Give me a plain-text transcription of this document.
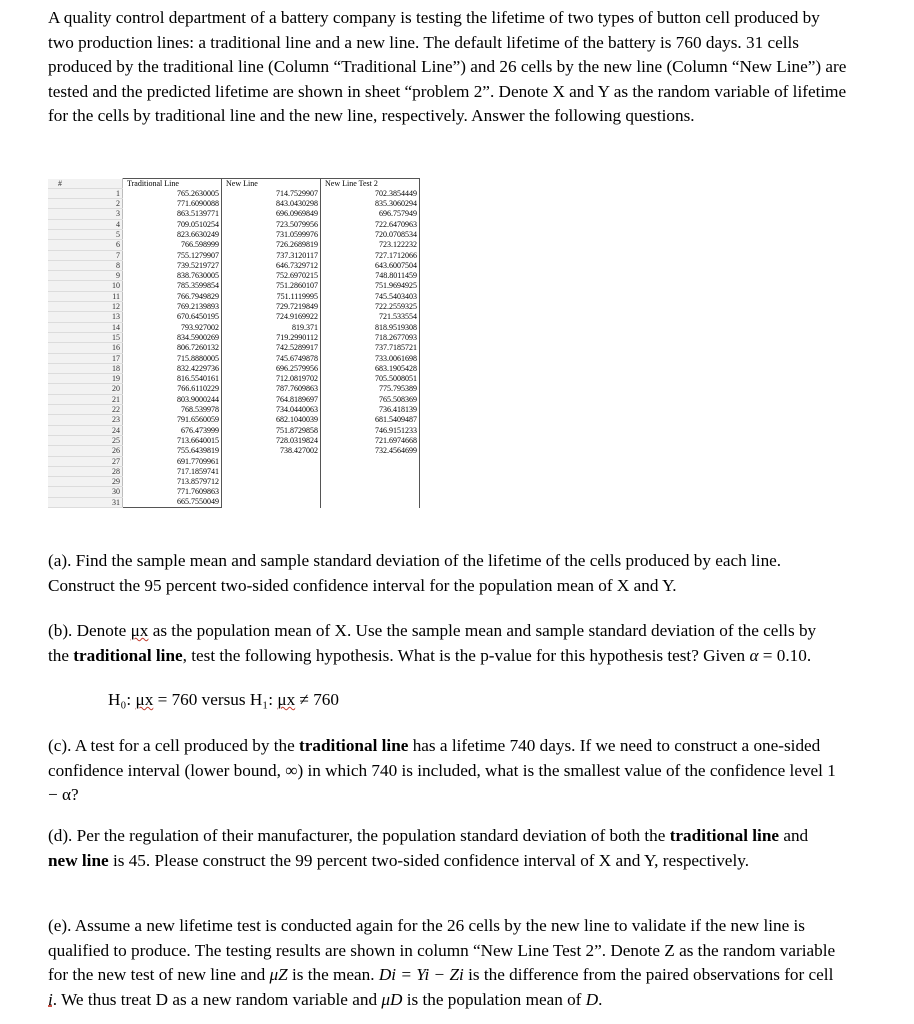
A quality control department of a battery company is testing the lifetime of two types of button cell produced by two production lines: a traditional line and a new line. The default lifetime of the battery is 760 days. 31 cells produced by the traditional line (Column “Traditional Line”) and 26 cells by the new line (Column “New Line”) are tested and the predicted lifetime are shown in sheet “problem 2”. Denote X and Y as the random variable of lifetime for the cells by traditional line and the new line, respectively. Answer the following questions.
#	Traditional Line	New Line	New Line Test 2
1	765.2630005	714.7529907	702.3854449
2	771.6090088	843.0430298	835.3060294
3	863.5139771	696.0969849	696.757949
4	709.0510254	723.5079956	722.6470963
5	823.6630249	731.0599976	720.0708534
6	766.598999	726.2689819	723.122232
7	755.1279907	737.3120117	727.1712066
8	739.5219727	646.7329712	643.6007504
9	838.7630005	752.6970215	748.8011459
10	785.3599854	751.2860107	751.9694925
11	766.7949829	751.1119995	745.5403403
12	769.2139893	729.7219849	722.2559325
13	670.6450195	724.9169922	721.533554
14	793.927002	819.371	818.9519308
15	834.5900269	719.2990112	718.2677093
16	806.7260132	742.5289917	737.7185721
17	715.8880005	745.6749878	733.0061698
18	832.4229736	696.2579956	683.1905428
19	816.5540161	712.0819702	705.5008051
20	766.6110229	787.7609863	775.795389
21	803.9000244	764.8189697	765.508369
22	768.539978	734.0440063	736.418139
23	791.6560059	682.1040039	681.5409487
24	676.473999	751.8729858	746.9151233
25	713.6640015	728.0319824	721.6974668
26	755.6439819	738.427002	732.4564699
27	691.7709961		
28	717.1859741		
29	713.8579712		
30	771.7609863		
31	665.7550049		
(a). Find the sample mean and sample standard deviation of the lifetime of the cells produced by each line. Construct the 95 percent two-sided confidence interval for the population mean of X and Y.
(b). Denote μx as the population mean of X. Use the sample mean and sample standard deviation of the cells by the traditional line, test the following hypothesis. What is the p-value for this hypothesis test? Given α = 0.10.
H₀: μx = 760 versus H₁: μx ≠ 760
(c). A test for a cell produced by the traditional line has a lifetime 740 days. If we need to construct a one-sided confidence interval (lower bound, ∞) in which 740 is included, what is the smallest value of the confidence level 1 − α?
(d). Per the regulation of their manufacturer, the population standard deviation of both the traditional line and new line is 45. Please construct the 99 percent two-sided confidence interval of X and Y, respectively.
(e). Assume a new lifetime test is conducted again for the 26 cells by the new line to validate if the new line is qualified to produce. The testing results are shown in column “New Line Test 2”. Denote Z as the random variable for the new test of new line and μZ is the mean. Di = Yi − Zi is the difference from the paired observations for cell i. We thus treat D as a new random variable and μD is the population mean of D.
